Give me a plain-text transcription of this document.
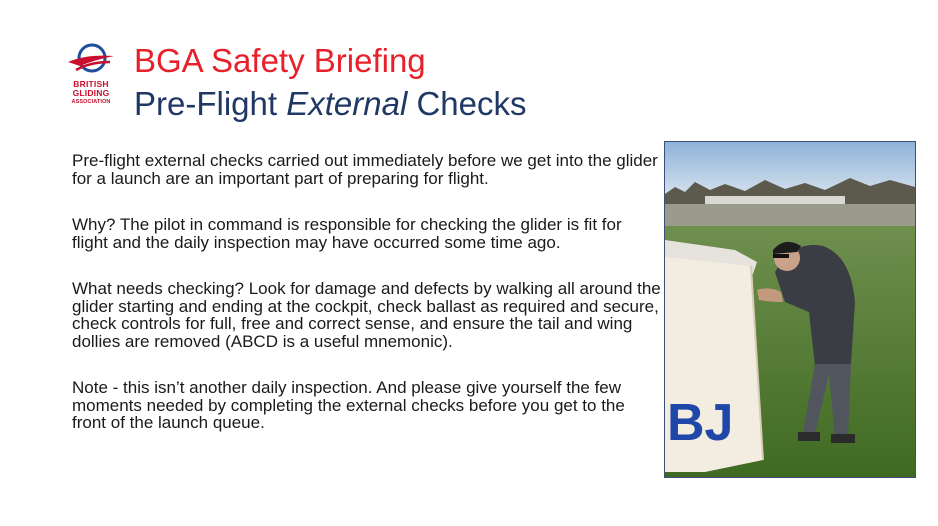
BRITISH
GLIDING
ASSOCIATION
BGA Safety Briefing
Pre-Flight External Checks

Pre-flight external checks carried out immediately before we get into the glider for a launch are an important part of preparing for flight.

Why? The pilot in command is responsible for checking the glider is fit for flight and the daily inspection may have occurred some time ago.

What needs checking? Look for damage and defects by walking all around the glider starting and ending at the cockpit, check ballast as required and secure, check controls for full, free and correct sense, and ensure the tail and wing dollies are removed (ABCD is a useful mnemonic).

Note - this isn’t another daily inspection. And please give yourself the few moments needed by completing the external checks before you get to the front of the launch queue.	BJ
